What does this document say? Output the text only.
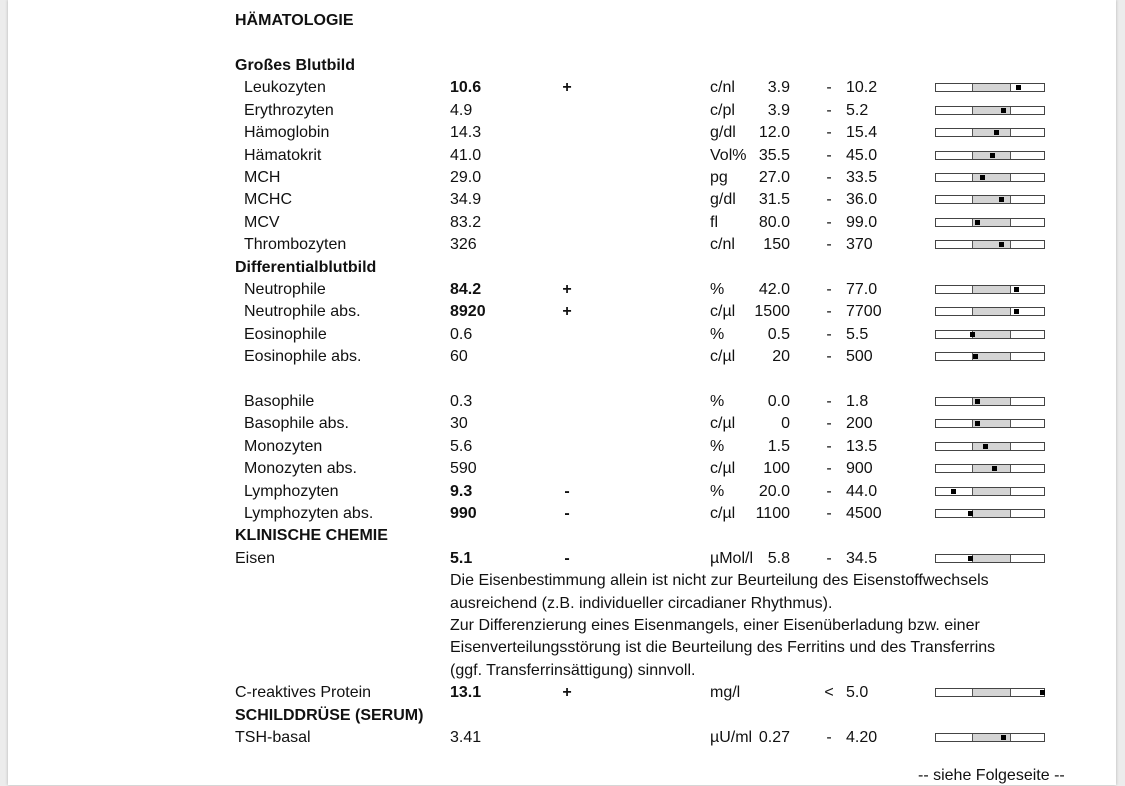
HÄMATOLOGIE
Großes Blutbild
Leukozyten	10.6	+	c/nl	3.9	- 10.2
Erythrozyten	4.9	c/pl	3.9	- 5.2
Hämoglobin	14.3	g/dl	12.0	- 15.4
Hämatokrit	41.0	Vol% 35.5	- 45.0
MCH	29.0	pg	27.0	- 33.5
MCHC	34.9	g/dl	31.5	- 36.0
MCV	83.2	fl	80.0	- 99.0
Thrombozyten	326	c/nl	150	- 370
Differentialblutbild
Neutrophile	84.2	+	%	42.0	- 77.0
Neutrophile abs.	8920	+	c/µl	1500	- 7700
Eosinophile	0.6	%	0.5	- 5.5
Eosinophile abs.	60	c/µl	20	- 500
Basophile	0.3	%	0.0	- 1.8
Basophile abs.	30	c/µl	0	- 200
Monozyten	5.6	%	1.5	- 13.5
Monozyten abs.	590	c/µl	100	- 900
Lymphozyten	9.3	-	%	20.0	- 44.0
Lymphozyten abs.	990	-	c/µl	1100	- 4500
KLINISCHE CHEMIE
Eisen	5.1	-	µMol/l 5.8	- 34.5
Die Eisenbestimmung allein ist nicht zur Beurteilung des Eisenstoffwechsels
ausreichend (z.B. individueller circadianer Rhythmus).
Zur Differenzierung eines Eisenmangels, einer Eisenüberladung bzw. einer
Eisenverteilungsstörung ist die Beurteilung des Ferritins und des Transferrins
(ggf. Transferrinsättigung) sinnvoll.
C-reaktives Protein	13.1	+	mg/l	< 5.0
SCHILDDRÜSE (SERUM)
TSH-basal	3.41	µU/ml 0.27	- 4.20
-- siehe Folgeseite --
